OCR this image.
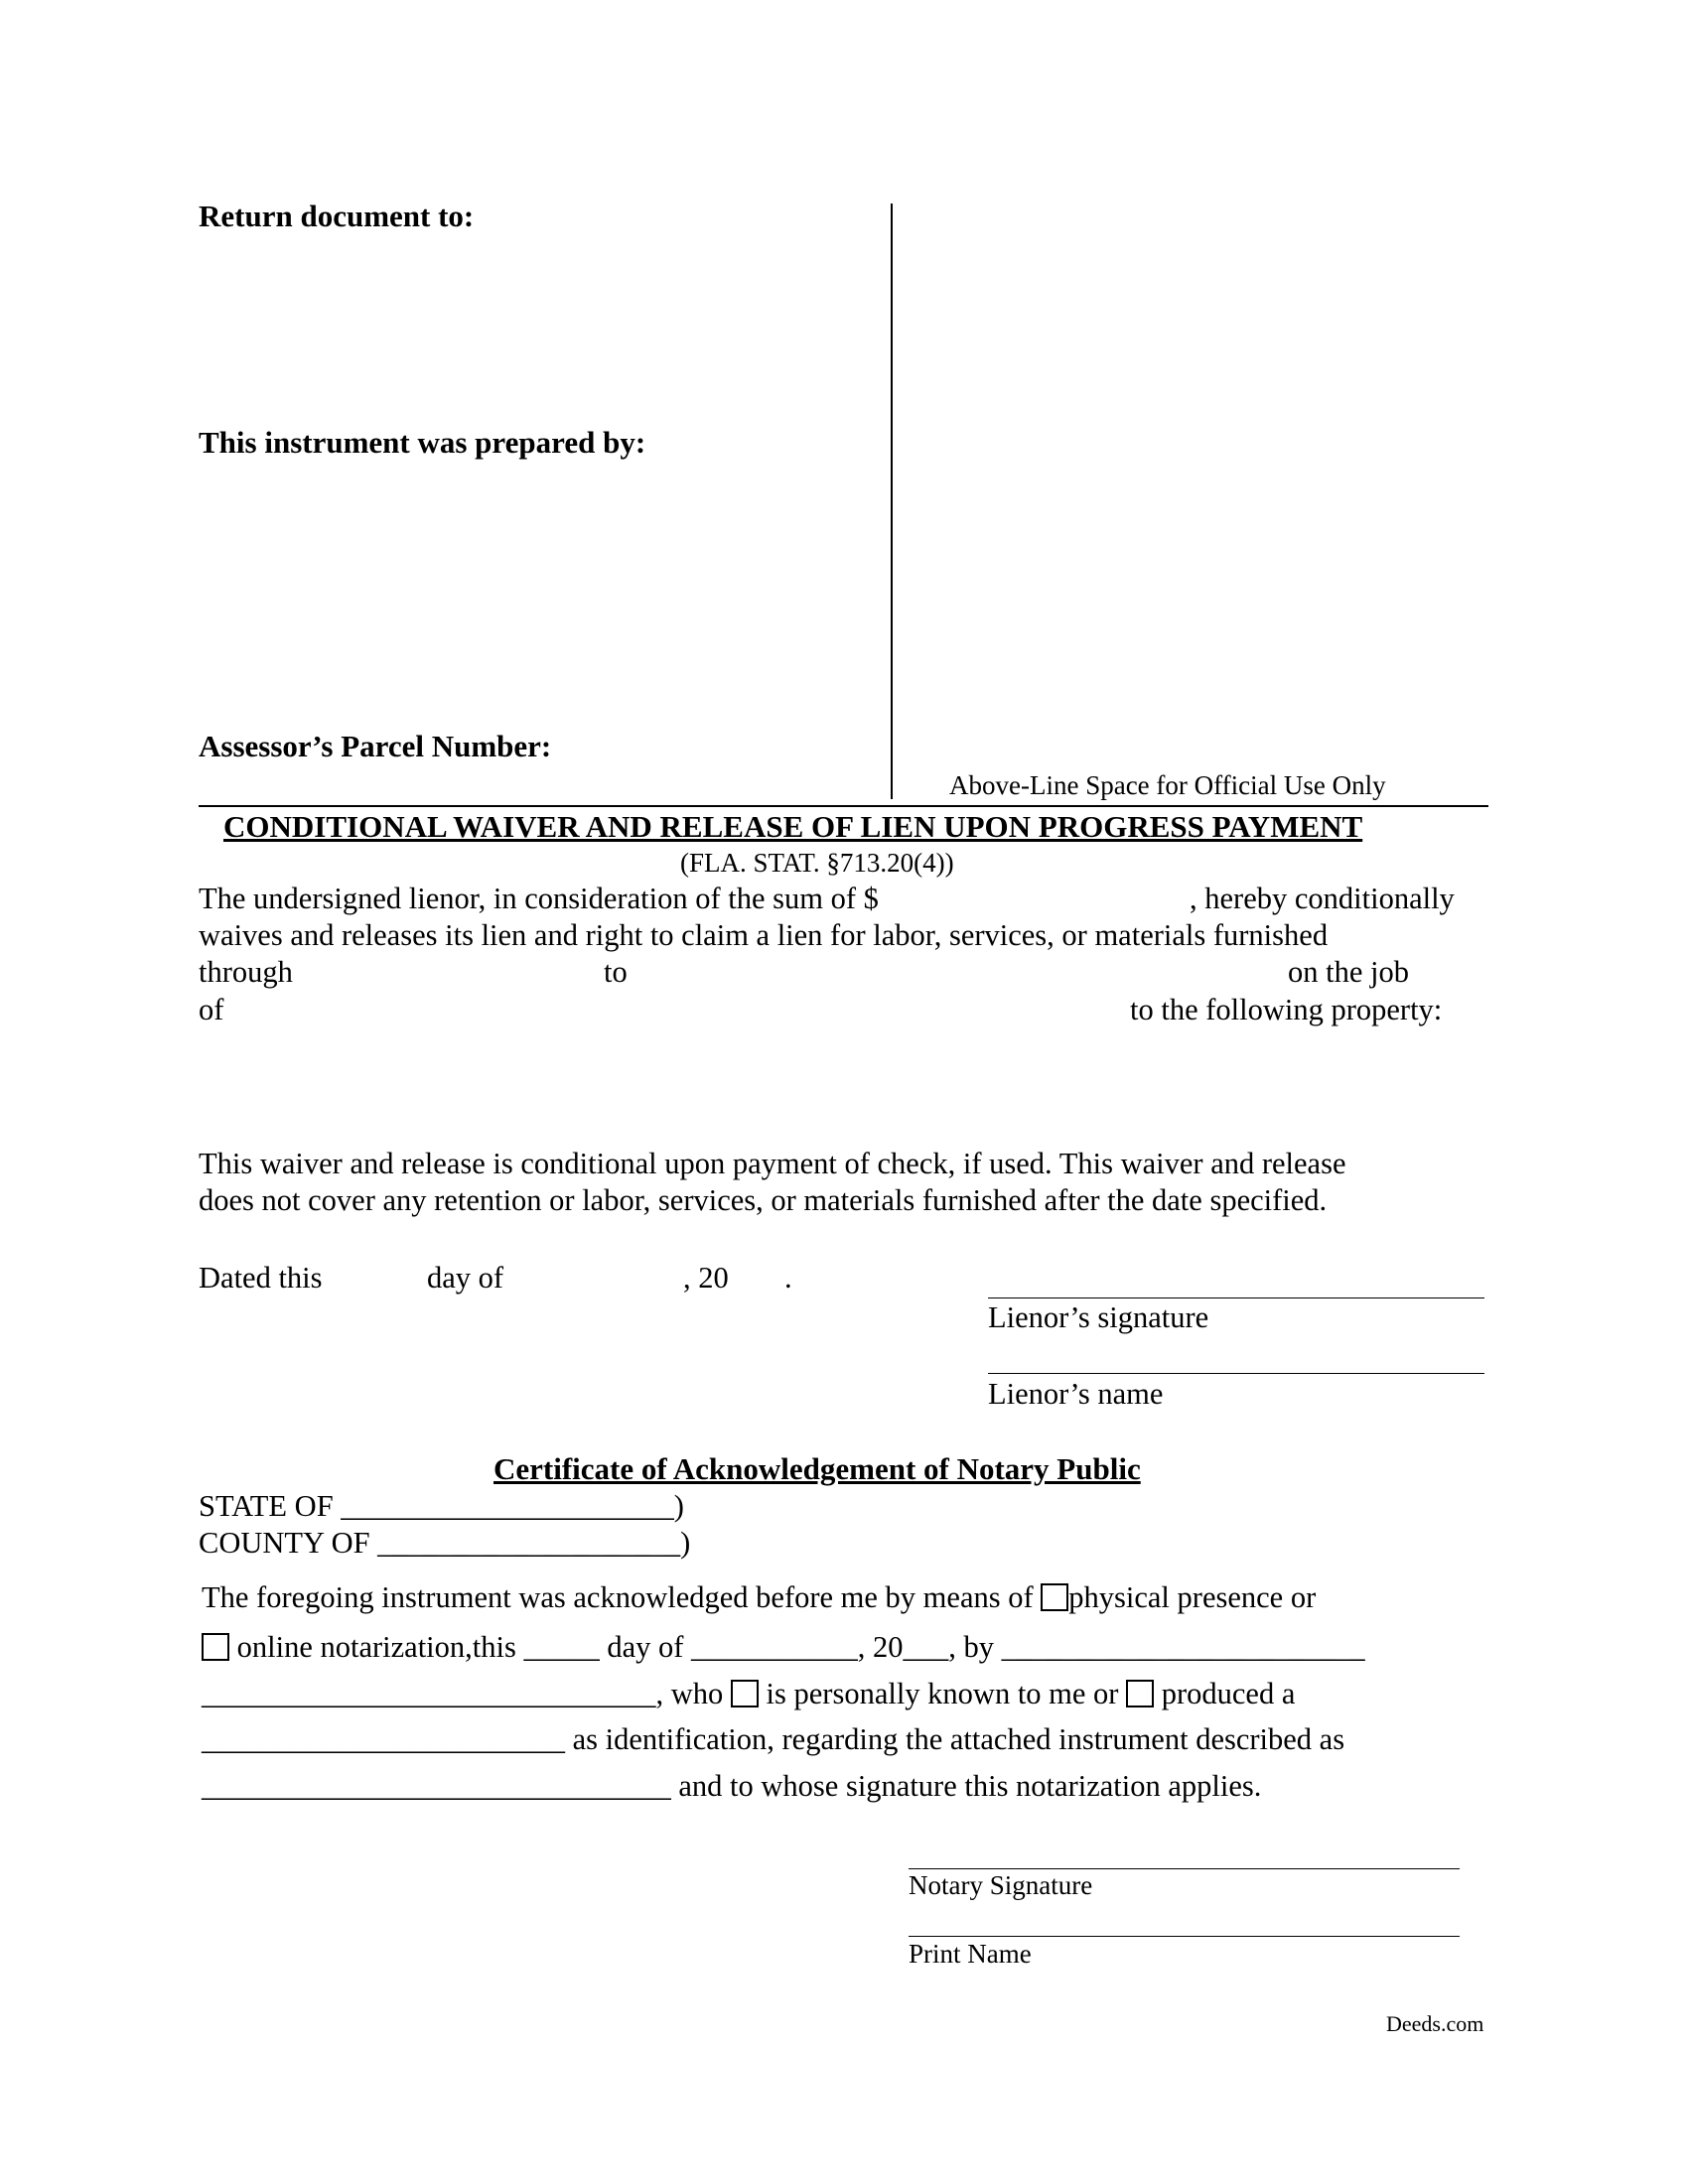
Return document to:
This instrument was prepared by:
Assessor’s Parcel Number:
Above-Line Space for Official Use Only
CONDITIONAL WAIVER AND RELEASE OF LIEN UPON PROGRESS PAYMENT
(FLA. STAT. §713.20(4))
The undersigned lienor, in consideration of the sum of $	, hereby conditionally
waives and releases its lien and right to claim a lien for labor, services, or materials furnished
through	to	on the job
of	to the following property:
This waiver and release is conditional upon payment of check, if used. This waiver and release
does not cover any retention or labor, services, or materials furnished after the date specified.
Dated this	day of	, 20 .
Lienor’s signature
Lienor’s name
Certificate of Acknowledgement of Notary Public
STATE OF ______________________)
COUNTY OF ____________________)
The foregoing instrument was acknowledged before me by means of physical presence or
online notarization,this _____ day of ___________, 20___, by ________________________
______________________________, who is personally known to me or produced a
________________________ as identification, regarding the attached instrument described as
_______________________________ and to whose signature this notarization applies.
Notary Signature
Print Name
Deeds.com
